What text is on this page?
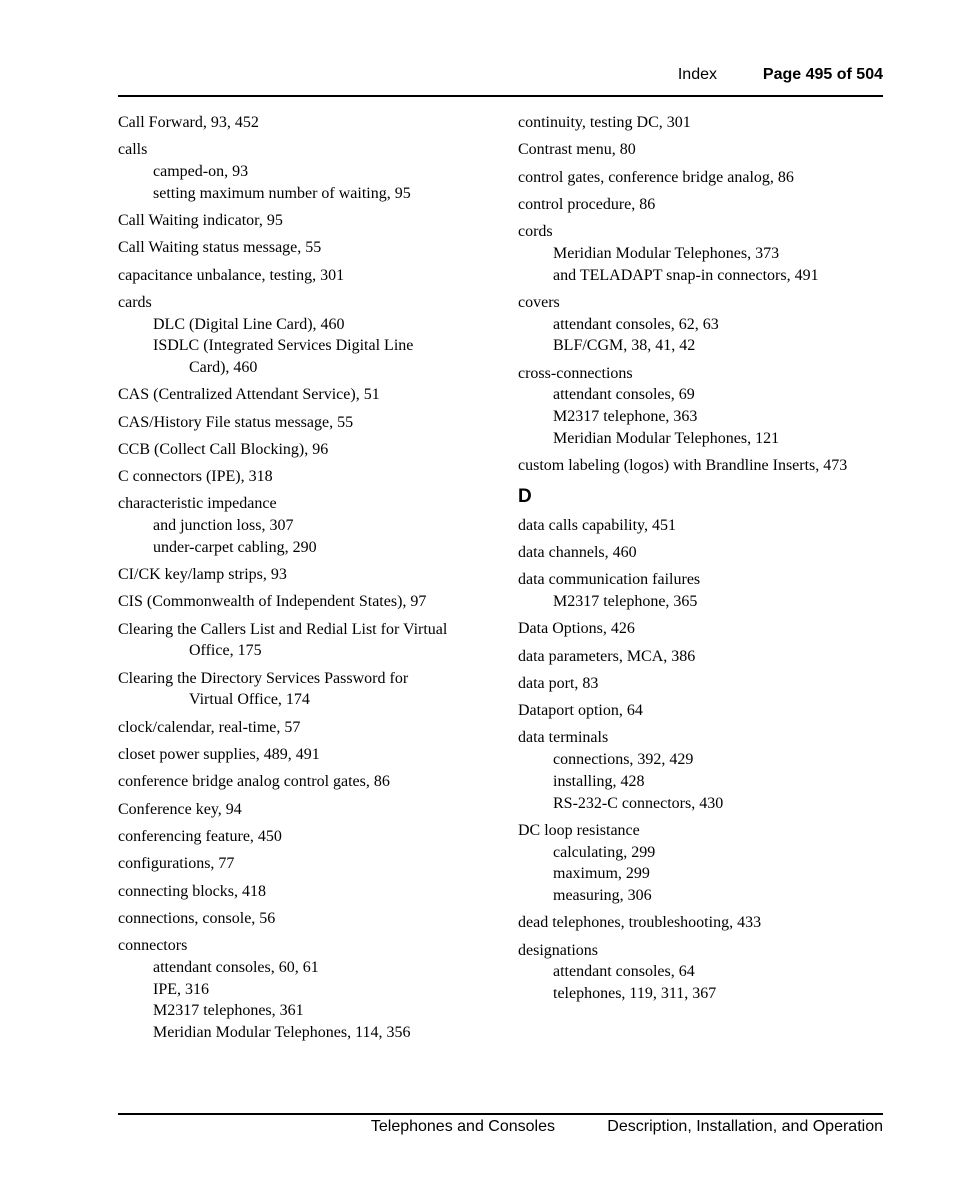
Index	Page 495 of 504
Call Forward, 93, 452
calls
camped-on, 93
setting maximum number of waiting, 95
Call Waiting indicator, 95
Call Waiting status message, 55
capacitance unbalance, testing, 301
cards
DLC (Digital Line Card), 460
ISDLC (Integrated Services Digital Line
Card), 460
CAS (Centralized Attendant Service), 51
CAS/History File status message, 55
CCB (Collect Call Blocking), 96
C connectors (IPE), 318
characteristic impedance
and junction loss, 307
under-carpet cabling, 290
CI/CK key/lamp strips, 93
CIS (Commonwealth of Independent States), 97
Clearing the Callers List and Redial List for Virtual
Office, 175
Clearing the Directory Services Password for
Virtual Office, 174
clock/calendar, real-time, 57
closet power supplies, 489, 491
conference bridge analog control gates, 86
Conference key, 94
conferencing feature, 450
configurations, 77
connecting blocks, 418
connections, console, 56
connectors
attendant consoles, 60, 61
IPE, 316
M2317 telephones, 361
Meridian Modular Telephones, 114, 356
continuity, testing DC, 301
Contrast menu, 80
control gates, conference bridge analog, 86
control procedure, 86
cords
Meridian Modular Telephones, 373
and TELADAPT snap-in connectors, 491
covers
attendant consoles, 62, 63
BLF/CGM, 38, 41, 42
cross-connections
attendant consoles, 69
M2317 telephone, 363
Meridian Modular Telephones, 121
custom labeling (logos) with Brandline Inserts, 473
D
data calls capability, 451
data channels, 460
data communication failures
M2317 telephone, 365
Data Options, 426
data parameters, MCA, 386
data port, 83
Dataport option, 64
data terminals
connections, 392, 429
installing, 428
RS-232-C connectors, 430
DC loop resistance
calculating, 299
maximum, 299
measuring, 306
dead telephones, troubleshooting, 433
designations
attendant consoles, 64
telephones, 119, 311, 367
Telephones and Consoles	Description, Installation, and Operation
